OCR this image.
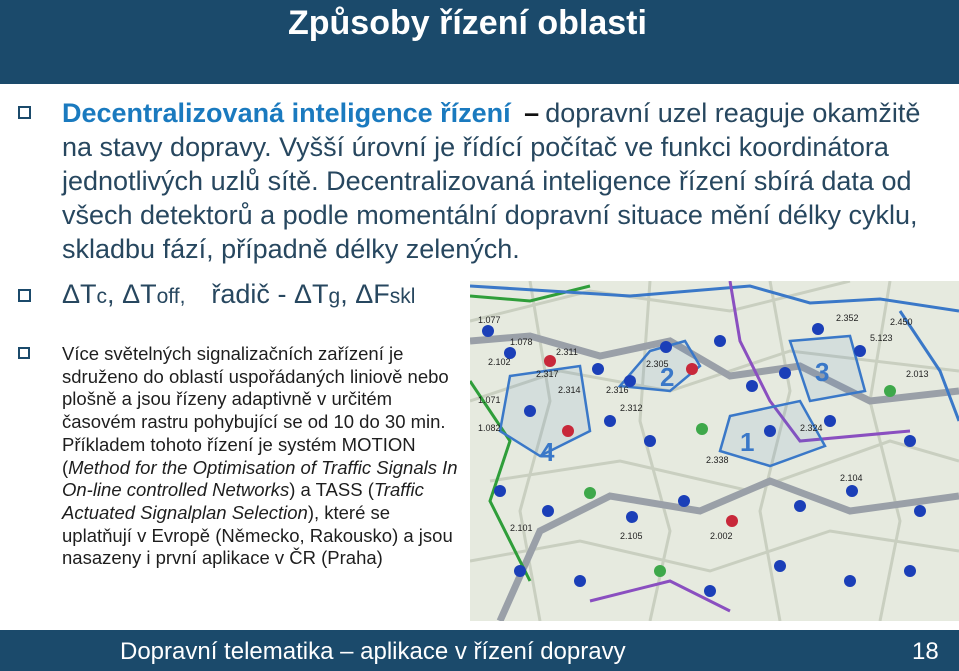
Způsoby řízení oblasti
Decentralizovaná inteligence řízení – dopravní uzel reaguje okamžitě na stavy dopravy. Vyšší úrovní je řídící počítač ve funkci koordinátora jednotlivých uzlů sítě. Decentralizovaná inteligence řízení sbírá data od všech detektorů a podle momentální dopravní situace mění délky cyklu, skladbu fází, případně délky zelených.
ΔTc, ΔToff, řadič - ΔTg, ΔFskl
Více světelných signalizačních zařízení je sdruženo do oblastí uspořádaných liniově nebo plošně a jsou řízeny adaptivně v určitém časovém rastru pohybující se od 10 do 30 min. Příkladem tohoto řízení je systém MOTION (Method for the Optimisation of Traffic Signals In On-line controlled Networks) a TASS (Traffic Actuated Signalplan Selection), které se uplatňují v Evropě (Německo, Rakousko) a jsou nasazeny i první aplikace v ČR (Praha)
1
2	3
4
1.077
1.078
2.311
1.071
2.317
2.316
2.305
2.312
2.324
2.338
2.352	2.450
5.123
2.013
1.082
2.102
2.314
2.104
2.101
2.002
2.105
Dopravní telematika – aplikace v řízení dopravy	18
